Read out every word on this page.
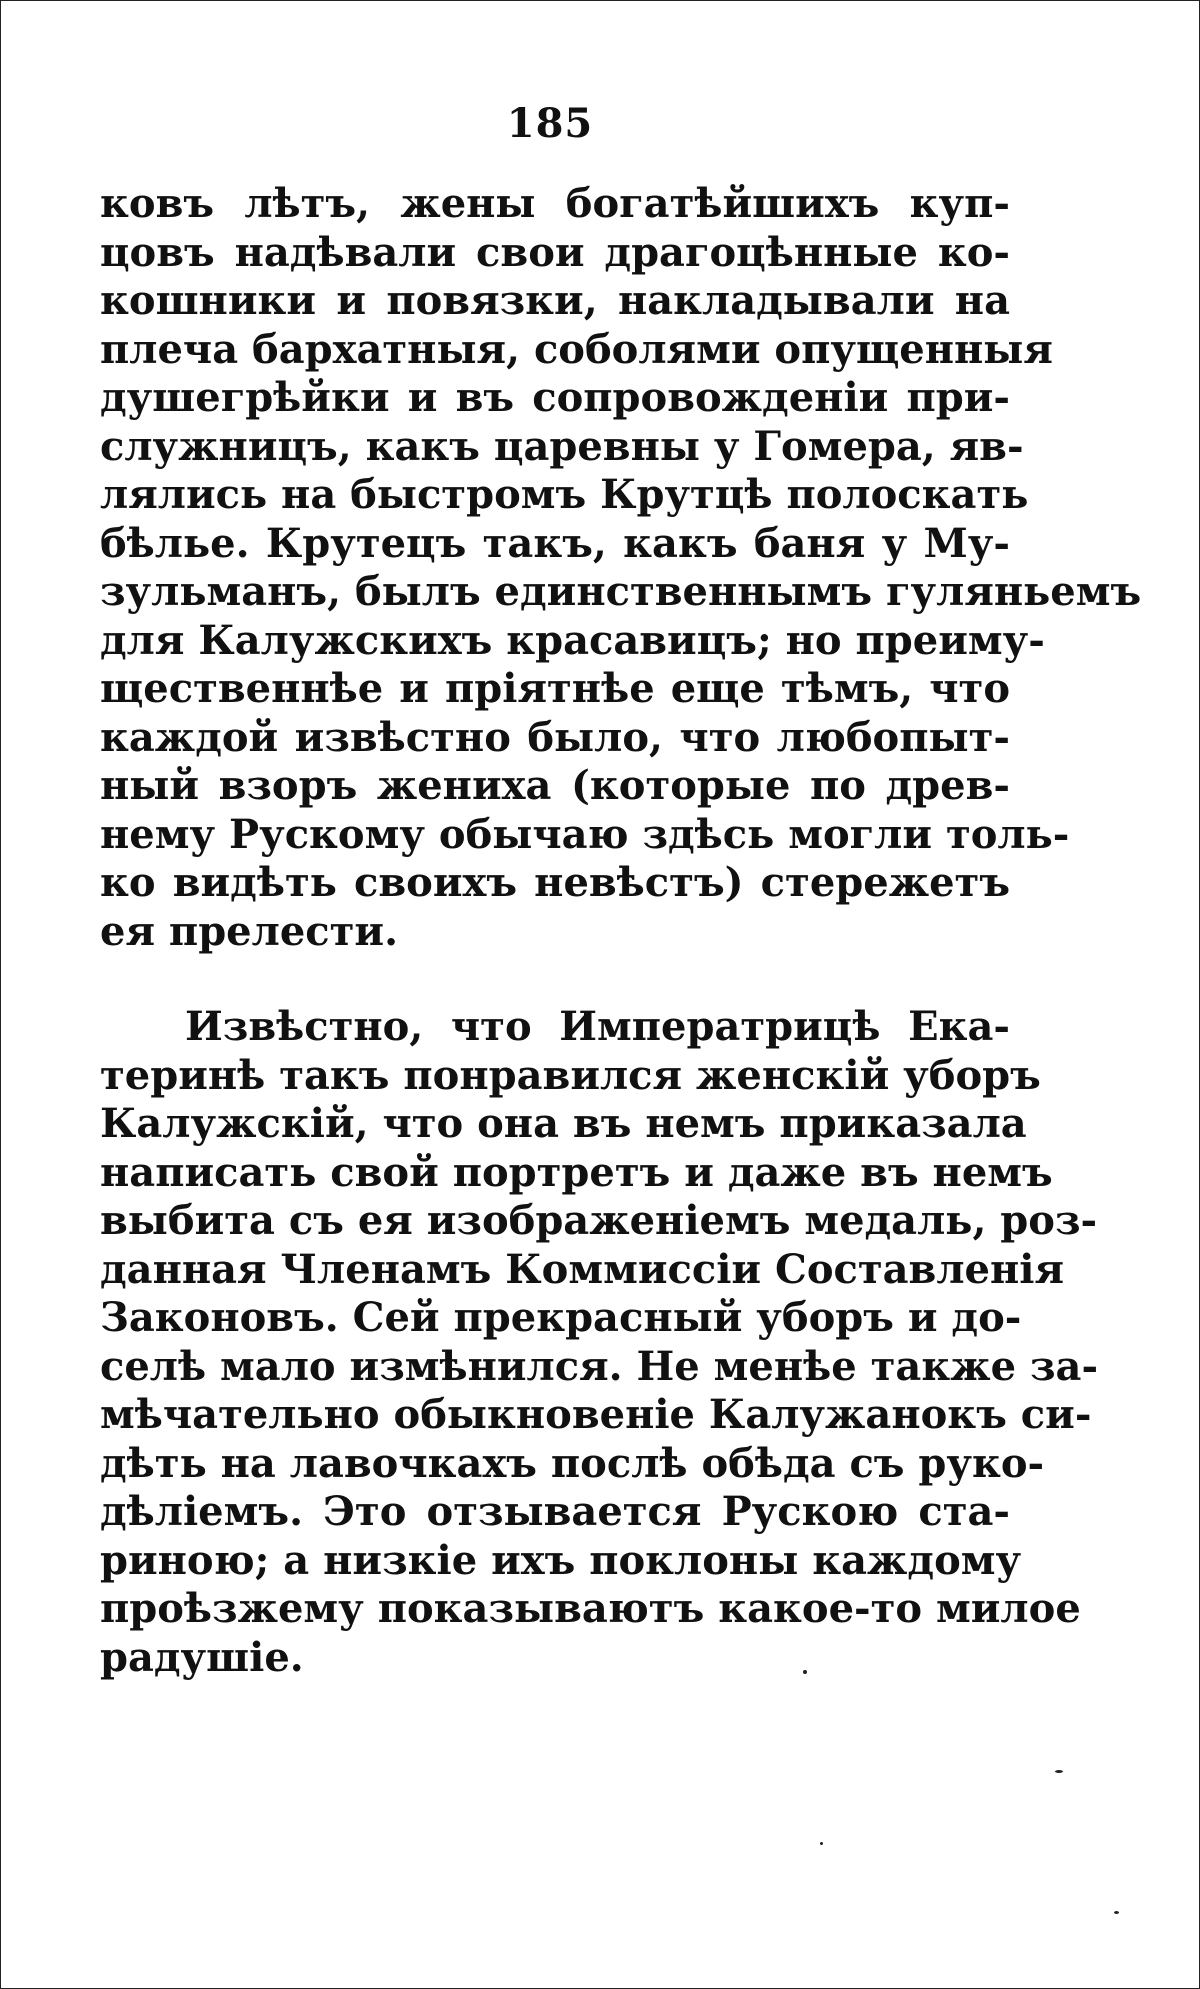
185
ковъ лѣтъ, жены богатѣйшихъ куп-
цовъ надѣвали свои драгоцѣнные ко-
кошники и повязки, накладывали на
плеча бархатныя, соболями опущенныя
душегрѣйки и въ сопровожденіи при-
служницъ, какъ царевны у Гомера, яв-
лялись на быстромъ Крутцѣ полоскать
бѣлье. Крутецъ такъ, какъ баня у Му-
зульманъ, былъ единственнымъ гуляньемъ
для Калужскихъ красавицъ; но преиму-
щественнѣе и пріятнѣе еще тѣмъ, что
каждой извѣстно было, что любопыт-
ный взоръ жениха (которые по древ-
нему Рускому обычаю здѣсь могли толь-
ко видѣть своихъ невѣстъ) стережетъ
ея прелести.
Извѣстно, что Императрицѣ Ека-
теринѣ такъ понравился женскій уборъ
Калужскій, что она въ немъ приказала
написать свой портретъ и даже въ немъ
выбита съ ея изображеніемъ медаль, роз-
данная Членамъ Коммиссіи Составленія
Законовъ. Сей прекрасный уборъ и до-
селѣ мало измѣнился. Не менѣе также за-
мѣчательно обыкновеніе Калужанокъ си-
дѣть на лавочкахъ послѣ обѣда съ руко-
дѣліемъ. Это отзывается Рускою ста-
риною; а низкіе ихъ поклоны каждому
проѣзжему показываютъ какое-то милое
радушіе.
